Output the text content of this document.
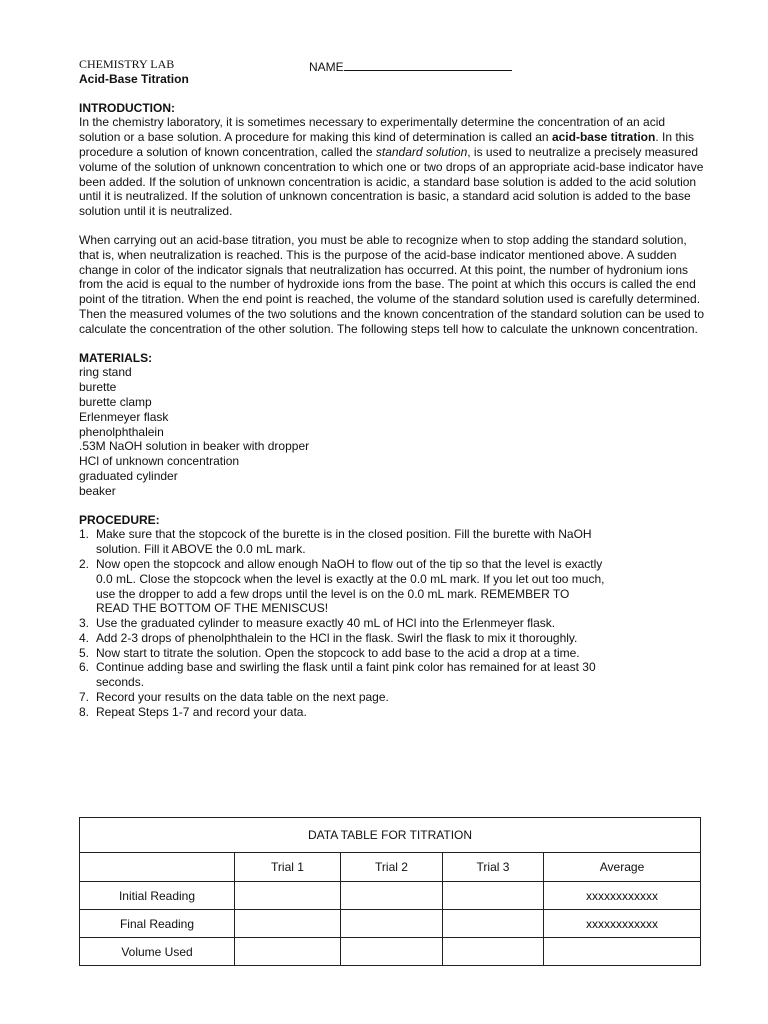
CHEMISTRY LAB	NAME
Acid-Base Titration
INTRODUCTION:

In the chemistry laboratory, it is sometimes necessary to experimentally determine the concentration of an acid solution or a base solution. A procedure for making this kind of determination is called an acid-base titration. In this procedure a solution of known concentration, called the standard solution, is used to neutralize a precisely measured volume of the solution of unknown concentration to which one or two drops of an appropriate acid-base indicator have been added. If the solution of unknown concentration is acidic, a standard base solution is added to the acid solution until it is neutralized. If the solution of unknown concentration is basic, a standard acid solution is added to the base solution until it is neutralized.

When carrying out an acid-base titration, you must be able to recognize when to stop adding the standard solution, that is, when neutralization is reached. This is the purpose of the acid-base indicator mentioned above. A sudden change in color of the indicator signals that neutralization has occurred. At this point, the number of hydronium ions from the acid is equal to the number of hydroxide ions from the base. The point at which this occurs is called the end point of the titration. When the end point is reached, the volume of the standard solution used is carefully determined. Then the measured volumes of the two solutions and the known concentration of the standard solution can be used to calculate the concentration of the other solution. The following steps tell how to calculate the unknown concentration.

MATERIALS:
ring stand
burette
burette clamp
Erlenmeyer flask
phenolphthalein
.53M NaOH solution in beaker with dropper
HCl of unknown concentration
graduated cylinder
beaker
PROCEDURE:
1. Make sure that the stopcock of the burette is in the closed position. Fill the burette with NaOH solution. Fill it ABOVE the 0.0 mL mark.
2. Now open the stopcock and allow enough NaOH to flow out of the tip so that the level is exactly 0.0 mL. Close the stopcock when the level is exactly at the 0.0 mL mark. If you let out too much, use the dropper to add a few drops until the level is on the 0.0 mL mark. REMEMBER TO READ THE BOTTOM OF THE MENISCUS!
3. Use the graduated cylinder to measure exactly 40 mL of HCl into the Erlenmeyer flask.
4. Add 2-3 drops of phenolphthalein to the HCl in the flask. Swirl the flask to mix it thoroughly.
5. Now start to titrate the solution. Open the stopcock to add base to the acid a drop at a time.
6. Continue adding base and swirling the flask until a faint pink color has remained for at least 30 seconds.
7. Record your results on the data table on the next page.
8. Repeat Steps 1-7 and record your data.
DATA TABLE FOR TITRATION				
	Trial 1	Trial 2	Trial 3	Average
Initial Reading				xxxxxxxxxxxx
Final Reading				xxxxxxxxxxxx
Volume Used				
